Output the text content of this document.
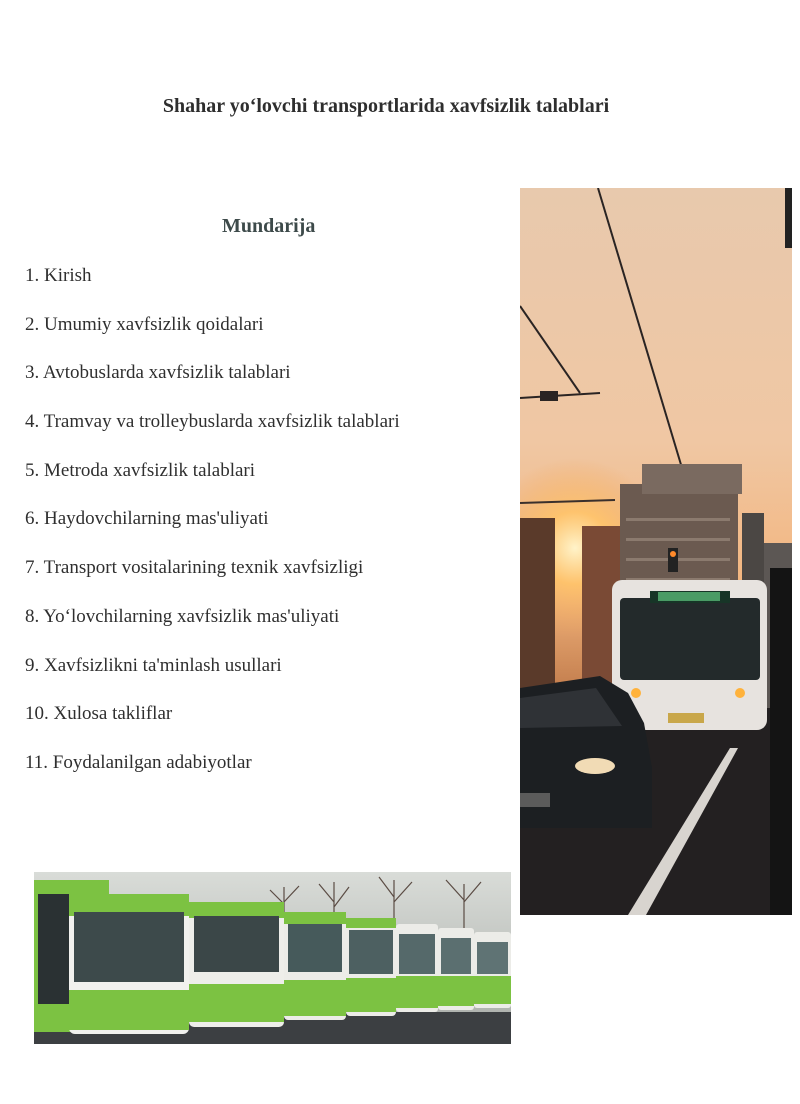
Shahar yo‘lovchi transportlarida xavfsizlik talablari
Mundarija
1. Kirish
2. Umumiy xavfsizlik qoidalari
3. Avtobuslarda xavfsizlik talablari
4. Tramvay va trolleybuslarda xavfsizlik talablari
5. Metroda xavfsizlik talablari
6. Haydovchilarning mas'uliyati
7. Transport vositalarining texnik xavfsizligi
8. Yo‘lovchilarning xavfsizlik mas'uliyati
9. Xavfsizlikni ta'minlash usullari
10. Xulosa takliflar
11. Foydalanilgan adabiyotlar
